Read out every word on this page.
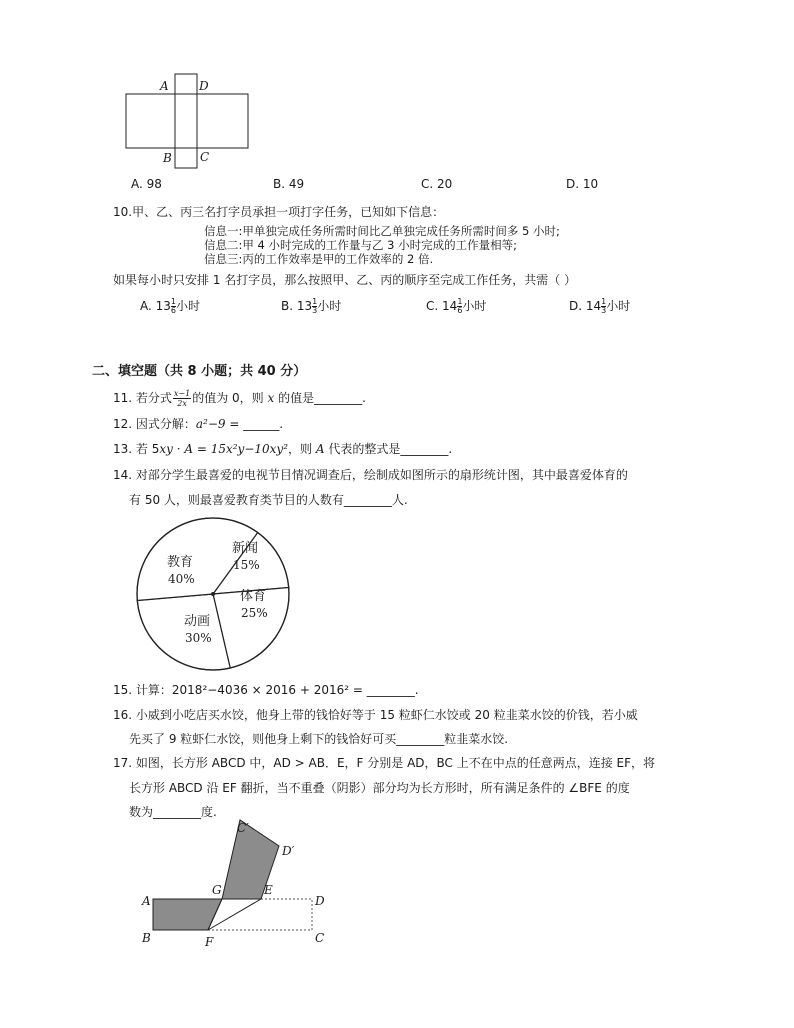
A	D
B C
A. 98	B. 49	C. 20	D. 10
10.甲、乙、丙三名打字员承担一项打字任务，已知如下信息：
信息一:甲单独完成任务所需时间比乙单独完成任务所需时间多 5 小时;
信息二:甲 4 小时完成的工作量与乙 3 小时完成的工作量相等;
信息三:丙的工作效率是甲的工作效率的 2 倍.
如果每小时只安排 1 名打字员，那么按照甲、乙、丙的顺序至完成工作任务，共需（ ）
A. $13 \frac{1}{6}$ 小时	B. $13 \frac{1}{3}$ 小时	C. $14 \frac{1}{6}$ 小时	D. $14 \frac{1}{3}$ 小时
二、填空题（共 8 小题；共 40 分）
11. 若分式 $\frac{x-1}{2x}$ 的值为 0，则 x 的值是________.
12. 因式分解：a²−9 = ______.
13. 若 5xy · A = 15x²y−10xy²，则 A 代表的整式是________.
14. 对部分学生最喜爱的电视节目情况调查后，绘制成如图所示的扇形统计图，其中最喜爱体育的
有 50 人，则最喜爱教育类节目的人数有________人.
教育
40%
新闻
15%
体育
25%
动画
30%
15. 计算：2018²−4036 × 2016 + 2016² = ________.
16. 小威到小吃店买水饺，他身上带的钱恰好等于 15 粒虾仁水饺或 20 粒韭菜水饺的价钱，若小威
先买了 9 粒虾仁水饺，则他身上剩下的钱恰好可买________粒韭菜水饺.
17. 如图，长方形 ABCD 中，AD > AB．E，F 分别是 AD，BC 上不在中点的任意两点，连接 EF，将
长方形 ABCD 沿 EF 翻折，当不重叠（阴影）部分均为长方形时，所有满足条件的 ∠BFE 的度
数为________度.
A
B	C
D
G	E
F
C′
D′
